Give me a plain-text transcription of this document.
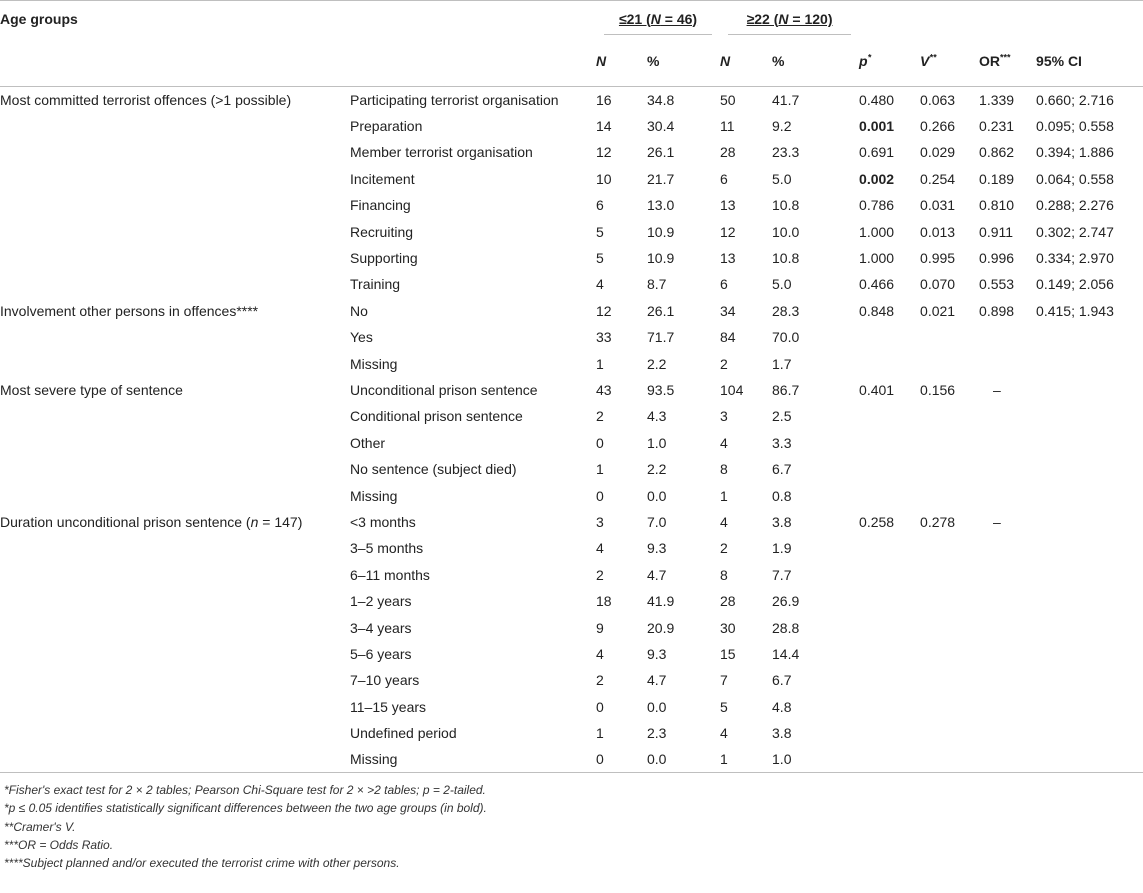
Age groups		≤21 (N = 46)		≥22 (N = 120)				

		N	%	N	%	p*	V**	OR***	95% CI
Most committed terrorist offences (>1 possible)	Participating terrorist organisation	16	34.8	50	41.7	0.480	0.063	1.339	0.660; 2.716
	Preparation	14	30.4	11	9.2	0.001	0.266	0.231	0.095; 0.558
	Member terrorist organisation	12	26.1	28	23.3	0.691	0.029	0.862	0.394; 1.886
	Incitement	10	21.7	6	5.0	0.002	0.254	0.189	0.064; 0.558
	Financing	6	13.0	13	10.8	0.786	0.031	0.810	0.288; 2.276
	Recruiting	5	10.9	12	10.0	1.000	0.013	0.911	0.302; 2.747
	Supporting	5	10.9	13	10.8	1.000	0.995	0.996	0.334; 2.970
	Training	4	8.7	6	5.0	0.466	0.070	0.553	0.149; 2.056
Involvement other persons in offences****	No	12	26.1	34	28.3	0.848	0.021	0.898	0.415; 1.943
	Yes	33	71.7	84	70.0				
	Missing	1	2.2	2	1.7				
Most severe type of sentence	Unconditional prison sentence	43	93.5	104	86.7	0.401	0.156	–	
	Conditional prison sentence	2	4.3	3	2.5				
	Other	0	1.0	4	3.3				
	No sentence (subject died)	1	2.2	8	6.7				
	Missing	0	0.0	1	0.8				
Duration unconditional prison sentence (n = 147)	<3 months	3	7.0	4	3.8	0.258	0.278	–	
	3–5 months	4	9.3	2	1.9				
	6–11 months	2	4.7	8	7.7				
	1–2 years	18	41.9	28	26.9				
	3–4 years	9	20.9	30	28.8				
	5–6 years	4	9.3	15	14.4				
	7–10 years	2	4.7	7	6.7				
	11–15 years	0	0.0	5	4.8				
	Undefined period	1	2.3	4	3.8				
	Missing	0	0.0	1	1.0				
*Fisher's exact test for 2 × 2 tables; Pearson Chi-Square test for 2 × >2 tables; p = 2-tailed.
*p ≤ 0.05 identifies statistically significant differences between the two age groups (in bold).
**Cramer's V.
***OR = Odds Ratio.
****Subject planned and/or executed the terrorist crime with other persons.
